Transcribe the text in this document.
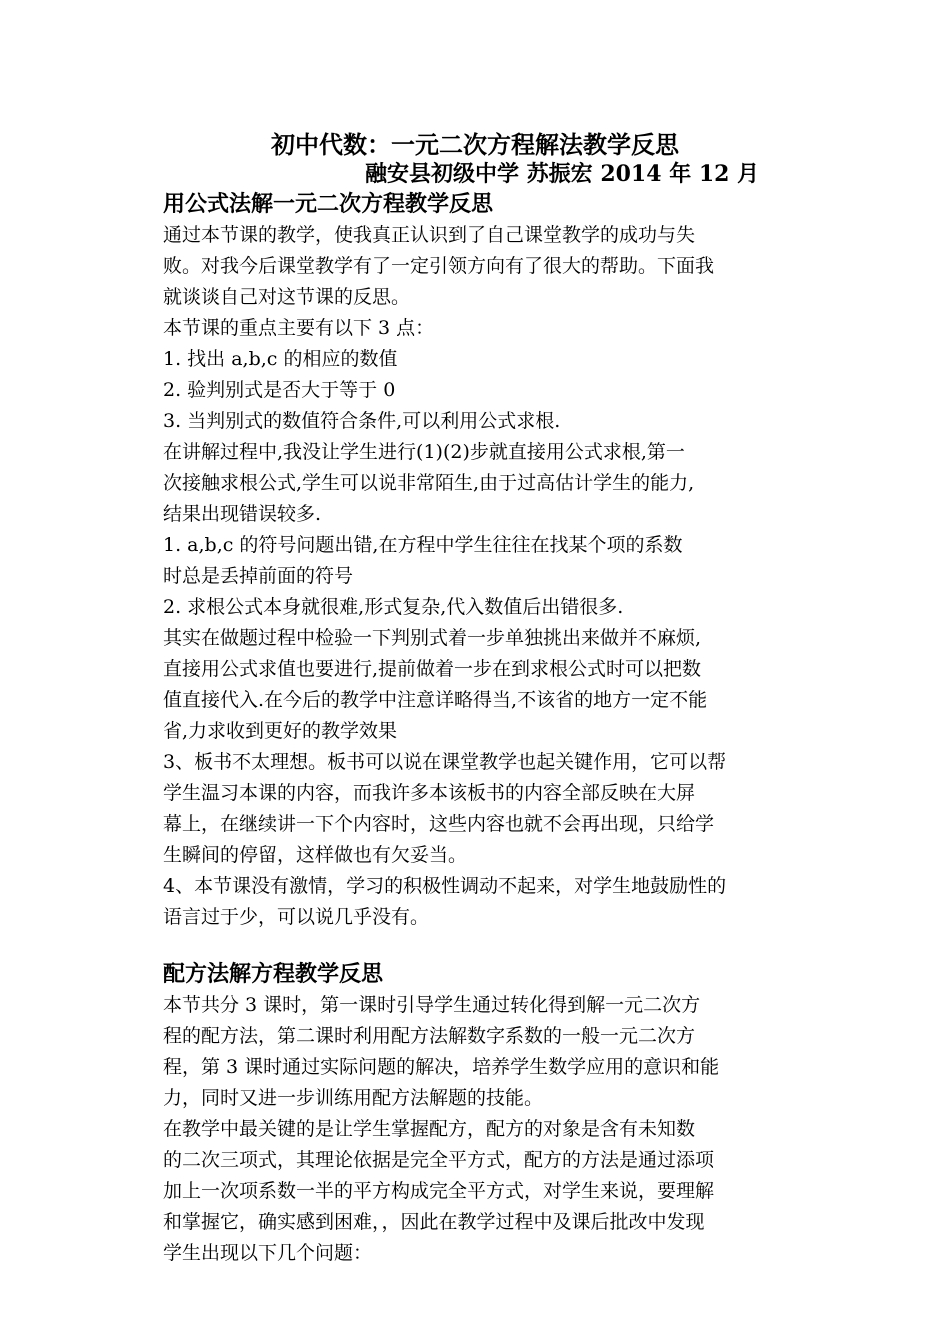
初中代数：一元二次方程解法教学反思
融安县初级中学 苏振宏 2014 年 12 月
用公式法解一元二次方程教学反思
通过本节课的教学，使我真正认识到了自己课堂教学的成功与失
败。对我今后课堂教学有了一定引领方向有了很大的帮助。下面我
就谈谈自己对这节课的反思。
本节课的重点主要有以下 3 点：
1. 找出 a,b,c 的相应的数值
2. 验判别式是否大于等于 0
3. 当判别式的数值符合条件,可以利用公式求根.
在讲解过程中,我没让学生进行(1)(2)步就直接用公式求根,第一
次接触求根公式,学生可以说非常陌生,由于过高估计学生的能力,
结果出现错误较多.
1. a,b,c 的符号问题出错,在方程中学生往往在找某个项的系数
时总是丢掉前面的符号
2. 求根公式本身就很难,形式复杂,代入数值后出错很多.
其实在做题过程中检验一下判别式着一步单独挑出来做并不麻烦,
直接用公式求值也要进行,提前做着一步在到求根公式时可以把数
值直接代入.在今后的教学中注意详略得当,不该省的地方一定不能
省,力求收到更好的教学效果
3、板书不太理想。板书可以说在课堂教学也起关键作用，它可以帮
学生温习本课的内容，而我许多本该板书的内容全部反映在大屏
幕上，在继续讲一下个内容时，这些内容也就不会再出现，只给学
生瞬间的停留，这样做也有欠妥当。
4、本节课没有激情，学习的积极性调动不起来，对学生地鼓励性的
语言过于少，可以说几乎没有。
配方法解方程教学反思
本节共分 3 课时，第一课时引导学生通过转化得到解一元二次方
程的配方法，第二课时利用配方法解数字系数的一般一元二次方
程，第 3 课时通过实际问题的解决，培养学生数学应用的意识和能
力，同时又进一步训练用配方法解题的技能。
在教学中最关键的是让学生掌握配方，配方的对象是含有未知数
的二次三项式，其理论依据是完全平方式，配方的方法是通过添项
加上一次项系数一半的平方构成完全平方式，对学生来说，要理解
和掌握它，确实感到困难，，因此在教学过程中及课后批改中发现
学生出现以下几个问题：
